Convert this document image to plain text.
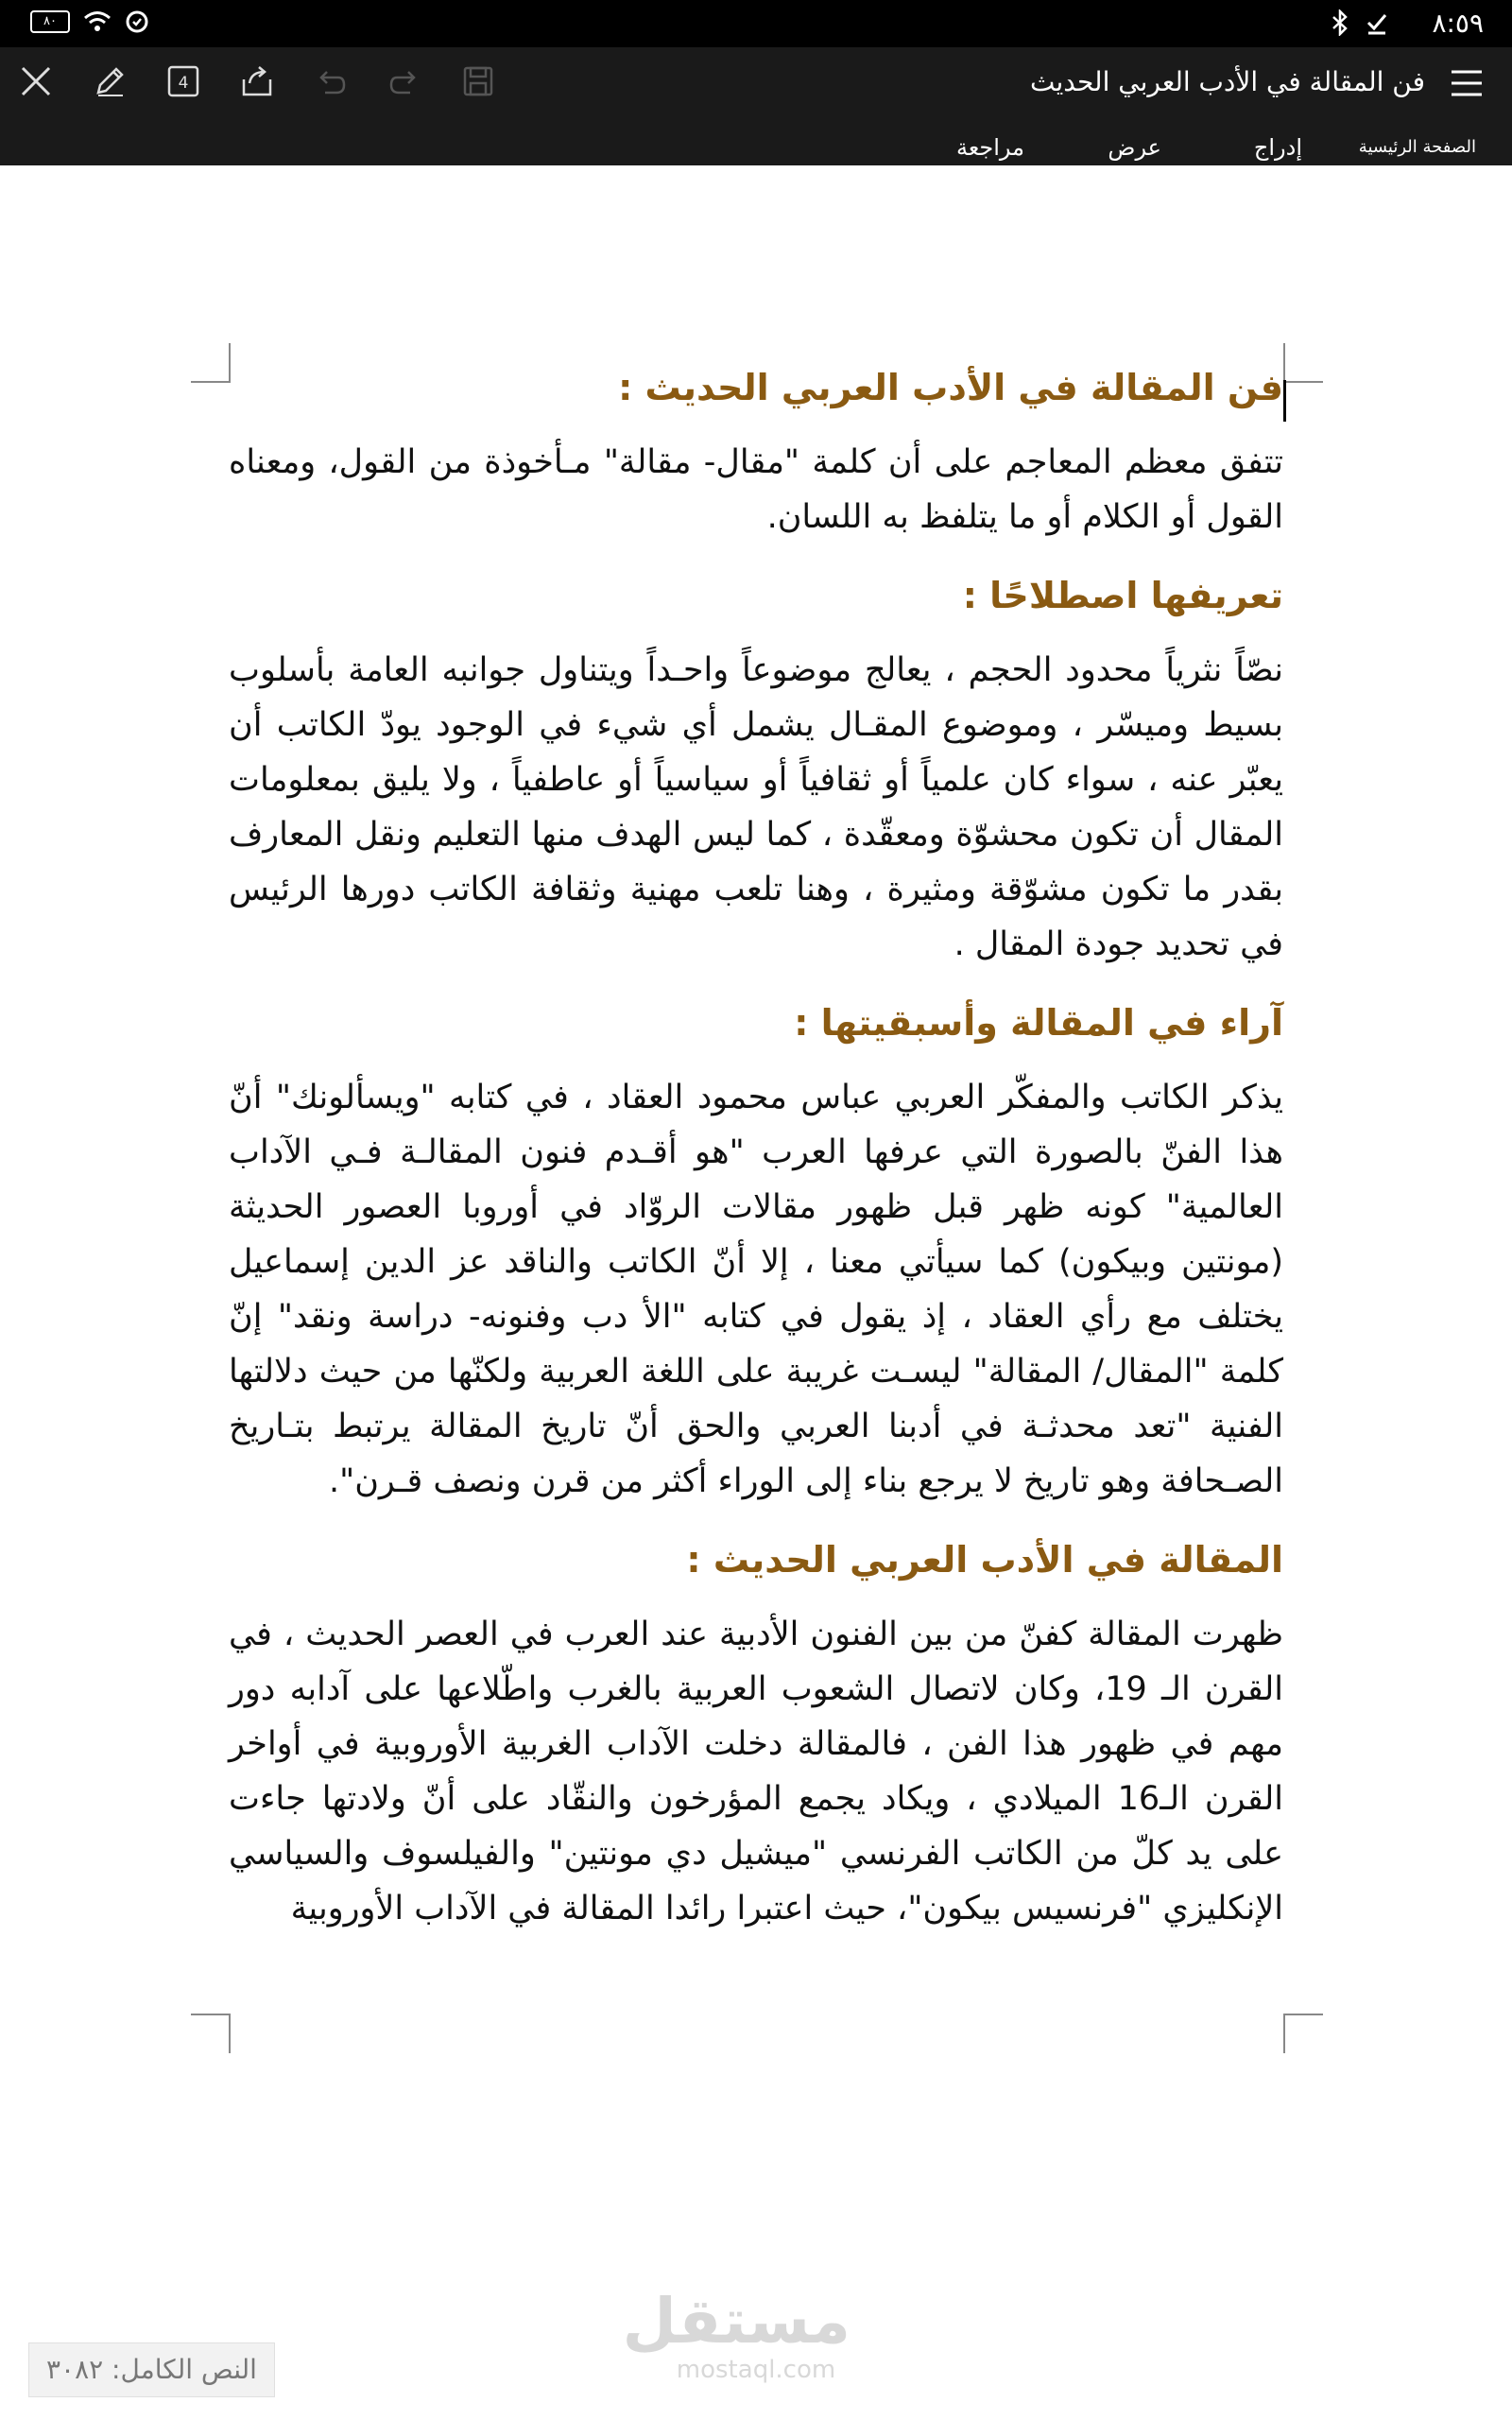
٨٠	٨:٥٩
4	فن المقالة في الأدب العربي الحديث
الصفحة الرئيسية
إدراج
عرض
مراجعة
فن المقالة في الأدب العربي الحديث :
تتفق معظم المعاجم على أن كلمة "مقال- مقالة" مـأخوذة من القول، ومعناه القول أو الكلام أو ما يتلفظ به اللسان.
تعريفها اصطلاحًا :
نصّاً نثرياً محدود الحجم ، يعالج موضوعاً واحـداً ويتناول جوانبه العامة بأسلوب بسيط وميسّر ، وموضوع المقـال يشمل أي شيء في الوجود يودّ الكاتب أن يعبّر عنه ، سواء كان علمياً أو ثقافياً أو سياسياً أو عاطفياً ، ولا يليق بمعلومات المقال أن تكون محشوّة ومعقّدة ، كما ليس الهدف منها التعليم ونقل المعارف بقدر ما تكون مشوّقة ومثيرة ، وهنا تلعب مهنية وثقافة الكاتب دورها الرئيس في تحديد جودة المقال .
آراء في المقالة وأسبقيتها :
يذكر الكاتب والمفكّر العربي عباس محمود العقاد ، في كتابه "ويسألونك" أنّ هذا الفنّ بالصورة التي عرفها العرب "هو أقـدم فنون المقالـة فـي الآداب العالمية" كونه ظهر قبل ظهور مقالات الروّاد في أوروبا العصور الحديثة (مونتين وبيكون) كما سيأتي معنا ، إلا أنّ الكاتب والناقد عز الدين إسماعيل يختلف مع رأي العقاد ، إذ يقول في كتابه "الأ دب وفنونه- دراسة ونقد" إنّ كلمة "المقال/ المقالة" ليسـت غريبة على اللغة العربية ولكنّها من حيث دلالتها الفنية "تعد محدثـة في أدبنا العربي والحق أنّ تاريخ المقالة يرتبط بتـاريخ الصـحافة وهو تاريخ لا يرجع بناء إلى الوراء أكثر من قرن ونصف قـرن".
المقالة في الأدب العربي الحديث :
ظهرت المقالة كفنّ من بين الفنون الأدبية عند العرب في العصر الحديث ، في القرن الـ 19، وكان لاتصال الشعوب العربية بالغرب واطّلاعها على آدابه دور مهم في ظهور هذا الفن ، فالمقالة دخلت الآداب الغربية الأوروبية في أواخر القرن الـ16 الميلادي ، ويكاد يجمع المؤرخون والنقّاد على أنّ ولادتها جاءت على يد كلّ من الكاتب الفرنسي "ميشيل دي مونتين" والفيلسوف والسياسي الإنكليزي "فرنسيس بيكون"، حيث اعتبرا رائدا المقالة في الآداب الأوروبية
مستقل
mostaql.com
النص الكامل: ٣٠٨٢
